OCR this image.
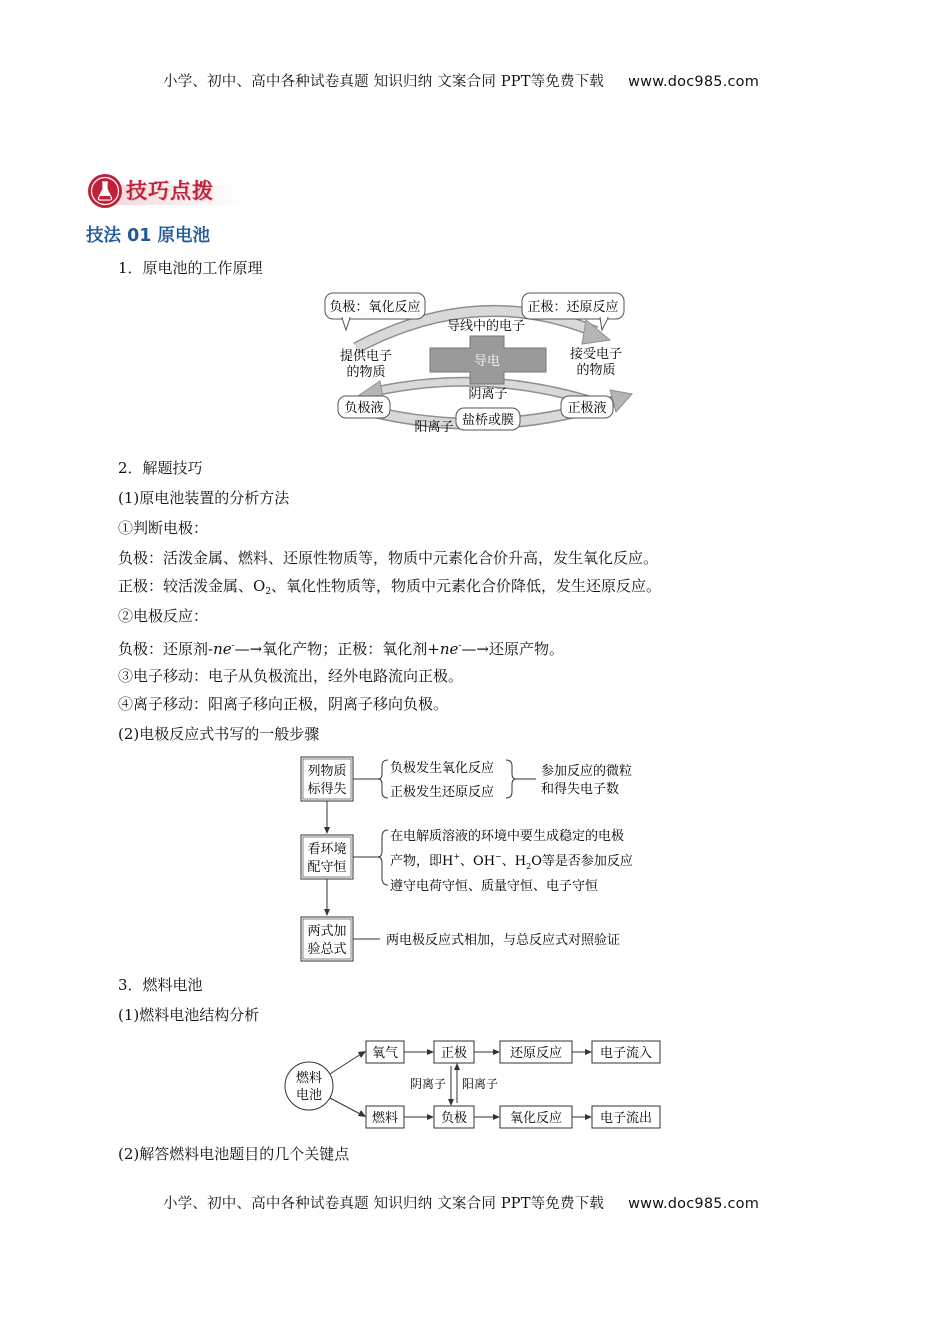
小学、初中、高中各种试卷真题 知识归纳 文案合同 PPT等免费下载 www.doc985.com
技巧点拨
技法 01 原电池
1．原电池的工作原理
负极：氧化反应	正极：还原反应
导线中的电子
提供电子
的物质
接受电子
的物质
导电
阴离子
负极液	正极液
阳离子 盐桥或膜
2．解题技巧
(1)原电池装置的分析方法
①判断电极：
负极：活泼金属、燃料、还原性物质等，物质中元素化合价升高，发生氧化反应。
正极：较活泼金属、$O_2$、氧化性物质等，物质中元素化合价降低，发生还原反应。
②电极反应：
负极：还原剂-ne-—→氧化产物；正极：氧化剂+ne-—→还原产物。
③电子移动：电子从负极流出，经外电路流向正极。
④离子移动：阳离子移向正极，阴离子移向负极。
(2)电极反应式书写的一般步骤
列物质
标得失
看环境
配守恒
两式加
验总式
负极发生氧化反应
正极发生还原反应
参加反应的微粒
和得失电子数
在电解质溶液的环境中要生成稳定的电极
产物，即H+、OH−、$H_2O$等是否参加反应
遵守电荷守恒、质量守恒、电子守恒
两电极反应式相加，与总反应式对照验证
3．燃料电池
(1)燃料电池结构分析
燃料
电池
氧气	正极	还原反应	电子流入
燃料	负极	氧化反应	电子流出
阴离子 阳离子
(2)解答燃料电池题目的几个关键点
小学、初中、高中各种试卷真题 知识归纳 文案合同 PPT等免费下载 www.doc985.com
